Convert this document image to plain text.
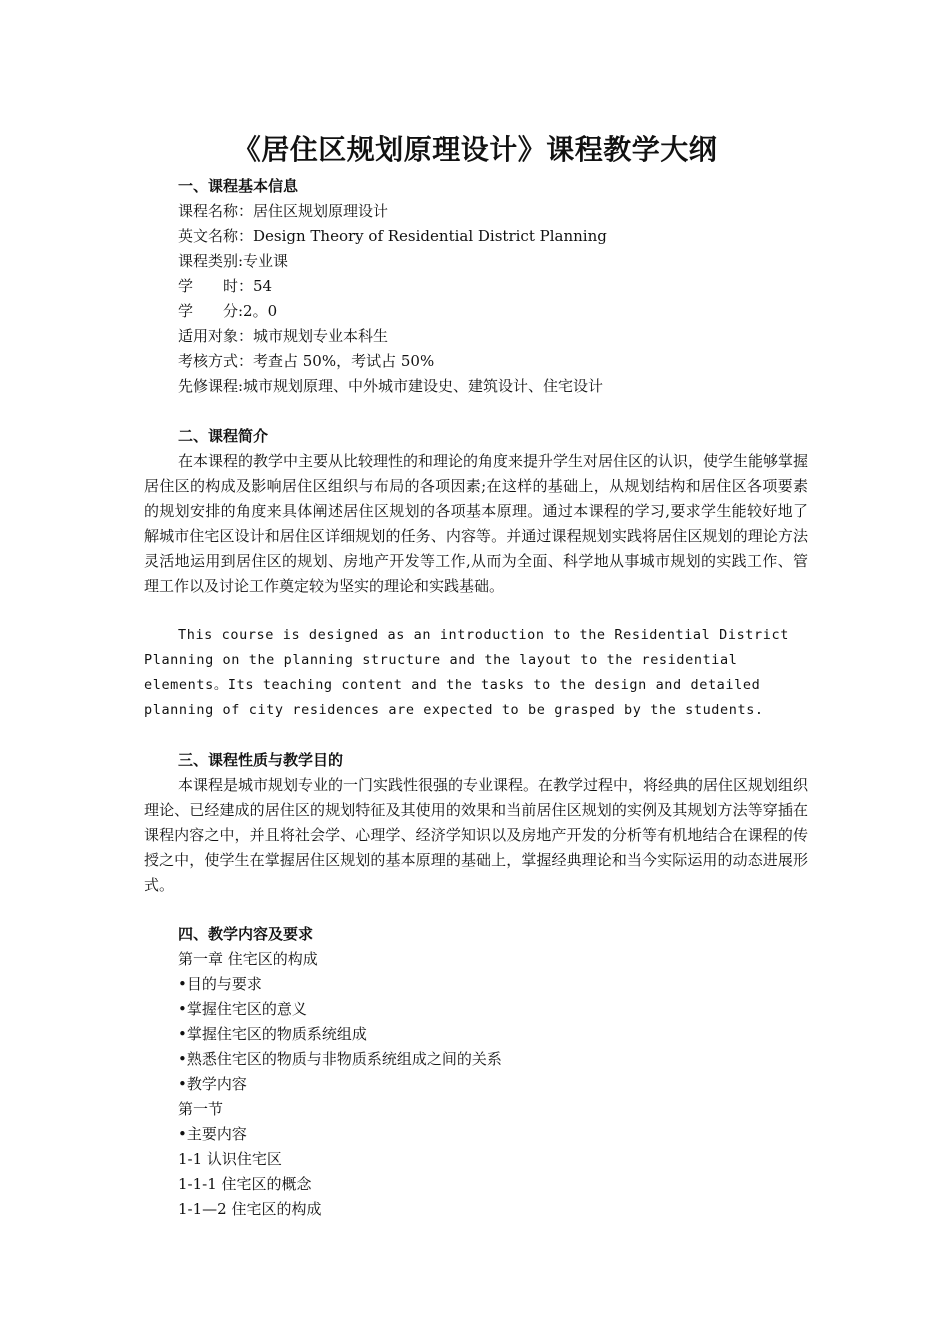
《居住区规划原理设计》课程教学大纲
一、课程基本信息
课程名称：居住区规划原理设计
英文名称：Design Theory of Residential District Planning
课程类别:专业课
学　　时：54
学　　分:2。0
适用对象：城市规划专业本科生
考核方式：考查占 50%，考试占 50%
先修课程:城市规划原理、中外城市建设史、建筑设计、住宅设计
二、课程简介

在本课程的教学中主要从比较理性的和理论的角度来提升学生对居住区的认识，使学生能够掌握居住区的构成及影响居住区组织与布局的各项因素;在这样的基础上，从规划结构和居住区各项要素的规划安排的角度来具体阐述居住区规划的各项基本原理。通过本课程的学习,要求学生能较好地了解城市住宅区设计和居住区详细规划的任务、内容等。并通过课程规划实践将居住区规划的理论方法灵活地运用到居住区的规划、房地产开发等工作,从而为全面、科学地从事城市规划的实践工作、管理工作以及讨论工作奠定较为坚实的理论和实践基础。

This course is designed as an introduction to the Residential District Planning on the planning structure and the layout to the residential elements。Its teaching content and the tasks to the design and detailed planning of city residences are expected to be grasped by the students.

三、课程性质与教学目的

本课程是城市规划专业的一门实践性很强的专业课程。在教学过程中，将经典的居住区规划组织理论、已经建成的居住区的规划特征及其使用的效果和当前居住区规划的实例及其规划方法等穿插在课程内容之中，并且将社会学、心理学、经济学知识以及房地产开发的分析等有机地结合在课程的传授之中，使学生在掌握居住区规划的基本原理的基础上，掌握经典理论和当今实际运用的动态进展形式。

四、教学内容及要求
第一章 住宅区的构成
•目的与要求
•掌握住宅区的意义
•掌握住宅区的物质系统组成
•熟悉住宅区的物质与非物质系统组成之间的关系
•教学内容
第一节
•主要内容
1-1 认识住宅区
1-1-1 住宅区的概念
1-1—2 住宅区的构成
